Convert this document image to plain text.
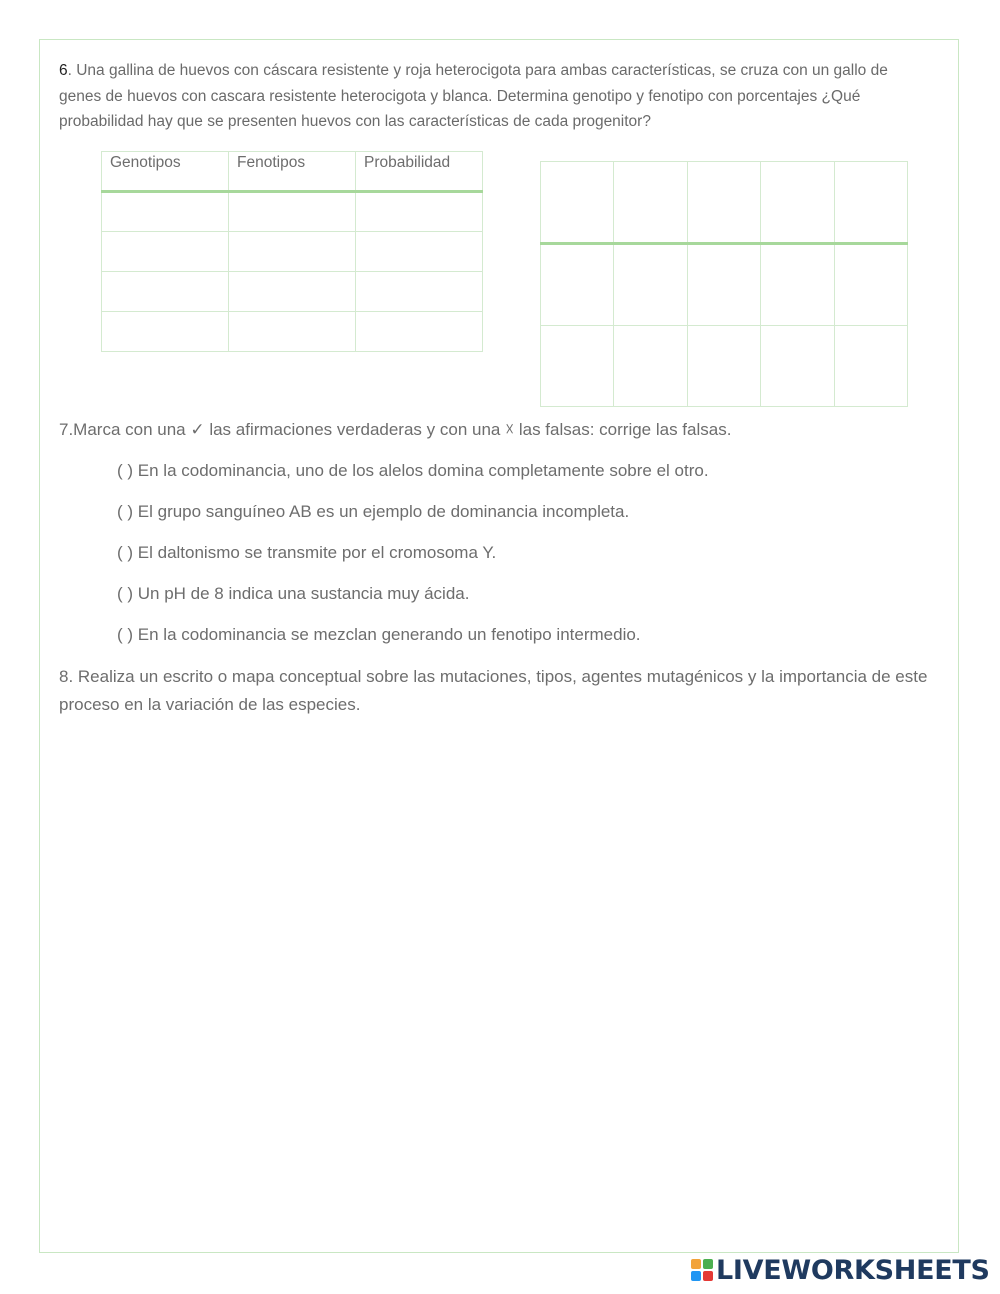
6. Una gallina de huevos con cáscara resistente y roja heterocigota para ambas características, se cruza con un gallo de genes de huevos con cascara resistente heterocigota y blanca. Determina genotipo y fenotipo con porcentajes ¿Qué probabilidad hay que se presenten huevos con las características de cada progenitor?
Genotipos	Fenotipos	Probabilidad

7.Marca con una ✓ las afirmaciones verdaderas y con una ☓ las falsas: corrige las falsas.
( ) En la codominancia, uno de los alelos domina completamente sobre el otro.
( ) El grupo sanguíneo AB es un ejemplo de dominancia incompleta.
( ) El daltonismo se transmite por el cromosoma Y.
( ) Un pH de 8 indica una sustancia muy ácida.
( ) En la codominancia se mezclan generando un fenotipo intermedio.
8. Realiza un escrito o mapa conceptual sobre las mutaciones, tipos, agentes mutagénicos y la importancia de este proceso en la variación de las especies.
LIVEWORKSHEETS
